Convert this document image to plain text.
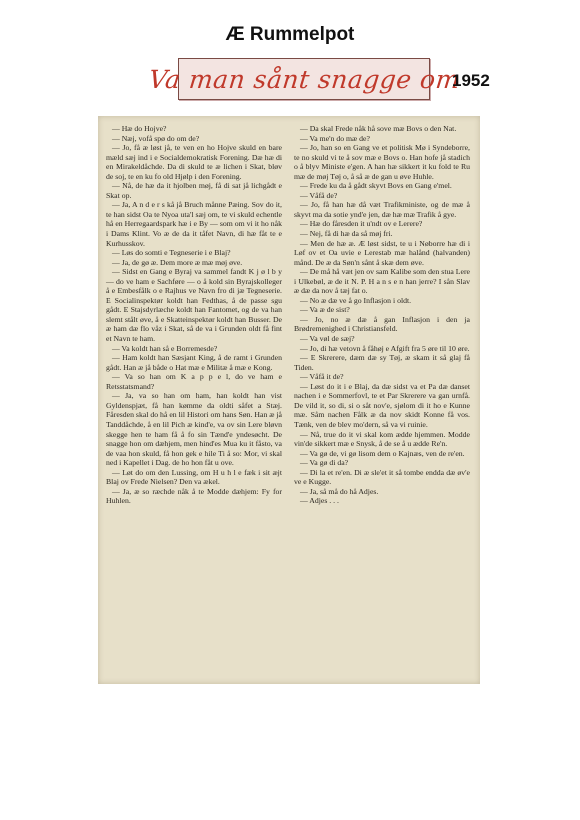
Æ Rummelpot
Va man sånt snagge om
1952

— Hæ do Hojve?

— Næj, vofå spø do om de?

— Jo, få æ løst jå, te ven en ho Hojve skuld en bare mæld sæj ind i e Socialdemokratisk Forening. Dæ hæ di en Mirakeldåchde. Da di skuld te æ lichen i Skat, bløv de soj, te en ku fo old Hjølp i den Forening.

— Nå, de hæ da it hjolben møj, få di sat jå lichgådt e Skat op.

— Ja, A n d e r s kå jå Bruch månne Pæing. Sov do it, te han sidst Oa te Nyoa uta'l sæj om, te vi skuld echentle hå en Herregaardspark hæ i e By — som om vi it ho nåk i Dams Klint. Vo æ de da it tåfet Navn, di hæ fåt te e Kurhusskov.

— Løs do somti e Tegneserie i e Blaj?

— Ja, de gø æ. Dem more æ mæ møj øve.

— Sidst en Gang e Byraj va sammel fandt K j ø l b y — do ve ham e Sachføre — o å kold sin Byrajskolleger å e Embesfålk o e Rajhus ve Navn fro di jæ Tegneserie. E Socialinspektør koldt han Fedthas, å de passe sgu gådt. E Stajsdyrlæche koldt han Fantomet, og de va han slemt stålt øve, å e Skatteinspektør koldt han Busser. De æ ham dæ flo våz i Skat, så de va i Grunden oldt få fint et Navn te ham.

— Va koldt han så e Borremesde?

— Ham koldt han Sæsjant King, å de ramt i Grunden gådt. Han æ jå både o Hat mæ e Militæ å mæ e Kong.

— Va so han om K a p p e l, do ve ham e Retsstatsmand?

— Ja, va so han om ham, han koldt han vist Gyldenspjæt, få han kømme da oldti såfet a Stæj. Fåresden skal do hå en lil Histori om hans Søn. Han æ jå Tanddåchde, å en lil Pich æ kind'e, va ov sin Lere bløvn skegge hen te ham få å fo sin Tænd'e yndesøcht. De snagge hon om dæhjem, men hind'es Mua ku it fåsto, va de vaa hon skuld, få hon gek e hile Ti å so: Mor, vi skal ned i Kapellet i Dag. de ho hon fåt u ove.

— Løt do om den Lussing, om H u h l e fæk i sit æjt Blaj ov Frede Nielsen? Den va ækel.

— Ja, æ so ræchde nåk å te Modde dæhjem: Fy for Huhlen.

— Da skal Frede nåk hå sove mæ Bovs o den Nat.

— Va me'n do mæ de?

— Jo, han so en Gang ve et politisk Mø i Syndeborre, te no skuld vi te å sov mæ e Bovs o. Han hofe jå stadich o å blyv Ministe e'gen. A han hæ sikkert it ku fold te Ru mæ de møj Tøj o, å så æ de gan u øve Huhle.

— Frede ku da å gådt skyvt Bovs en Gang e'mel.

— Våfå de?

— Jo, få han hæ då væt Trafikministe, og de mæ å skyvt ma da sotie ynd'e jen, dæ hæ mæ Trafik å gye.

— Hæ do fåresden it u'ndt ov e Lerere?

— Nej, få di hæ da så møj fri.

— Men de hæ æ. Æ løst sidst, te u i Nøborre hæ di i Løf ov et Oa uvie e Lerestab mæ halånd (halvanden) månd. De æ da Søn'n sånt å skæ dem øve.

— De må hå væt jen ov sam Kalibe som den stua Lere i Ulkebøl, æ de it N. P. H a n s e n han jerre? I sån Slav æ dæ da nov å tæj fat o.

— No æ dæ ve å go Inflasjon i oldt.

— Va æ de sist?

— Jo, no æ dæ å gan Inflasjon i den ja Brødremenighed i Christiansfeld.

— Va vøl de sæj?

— Jo, di hæ vetovn å fåhøj e Afgift fra 5 øre til 10 øre.

— E Skrerere, dæm dæ sy Tøj, æ skam it så glaj få Tiden.

— Våfå it de?

— Løst do it i e Blaj, da dæ sidst va et Pa dæ danset nachen i e Sommerfovl, te et Par Skrerere va gan urnfå. De vild it, so di, si o såt nov'e, sjølom di it ho e Kunne mæ. Såm nachen Fålk æ da nov skidt Konne få vos. Tænk, ven de blev mo'dern, så va vi ruinie.

— Nå, true do it vi skal kom ædde hjemmen. Modde vin'de sikkert mæ e Snysk, å de se å u ædde Re'n.

— Va gø de, vi gø lisom dem o Kajnæs, ven de re'en.

— Va gø di da?

— Di la et re'en. Di æ sle'et it så tombe endda dæ øv'e ve e Kugge.

— Ja, så må do hå Adjes.

— Adjes . . .
